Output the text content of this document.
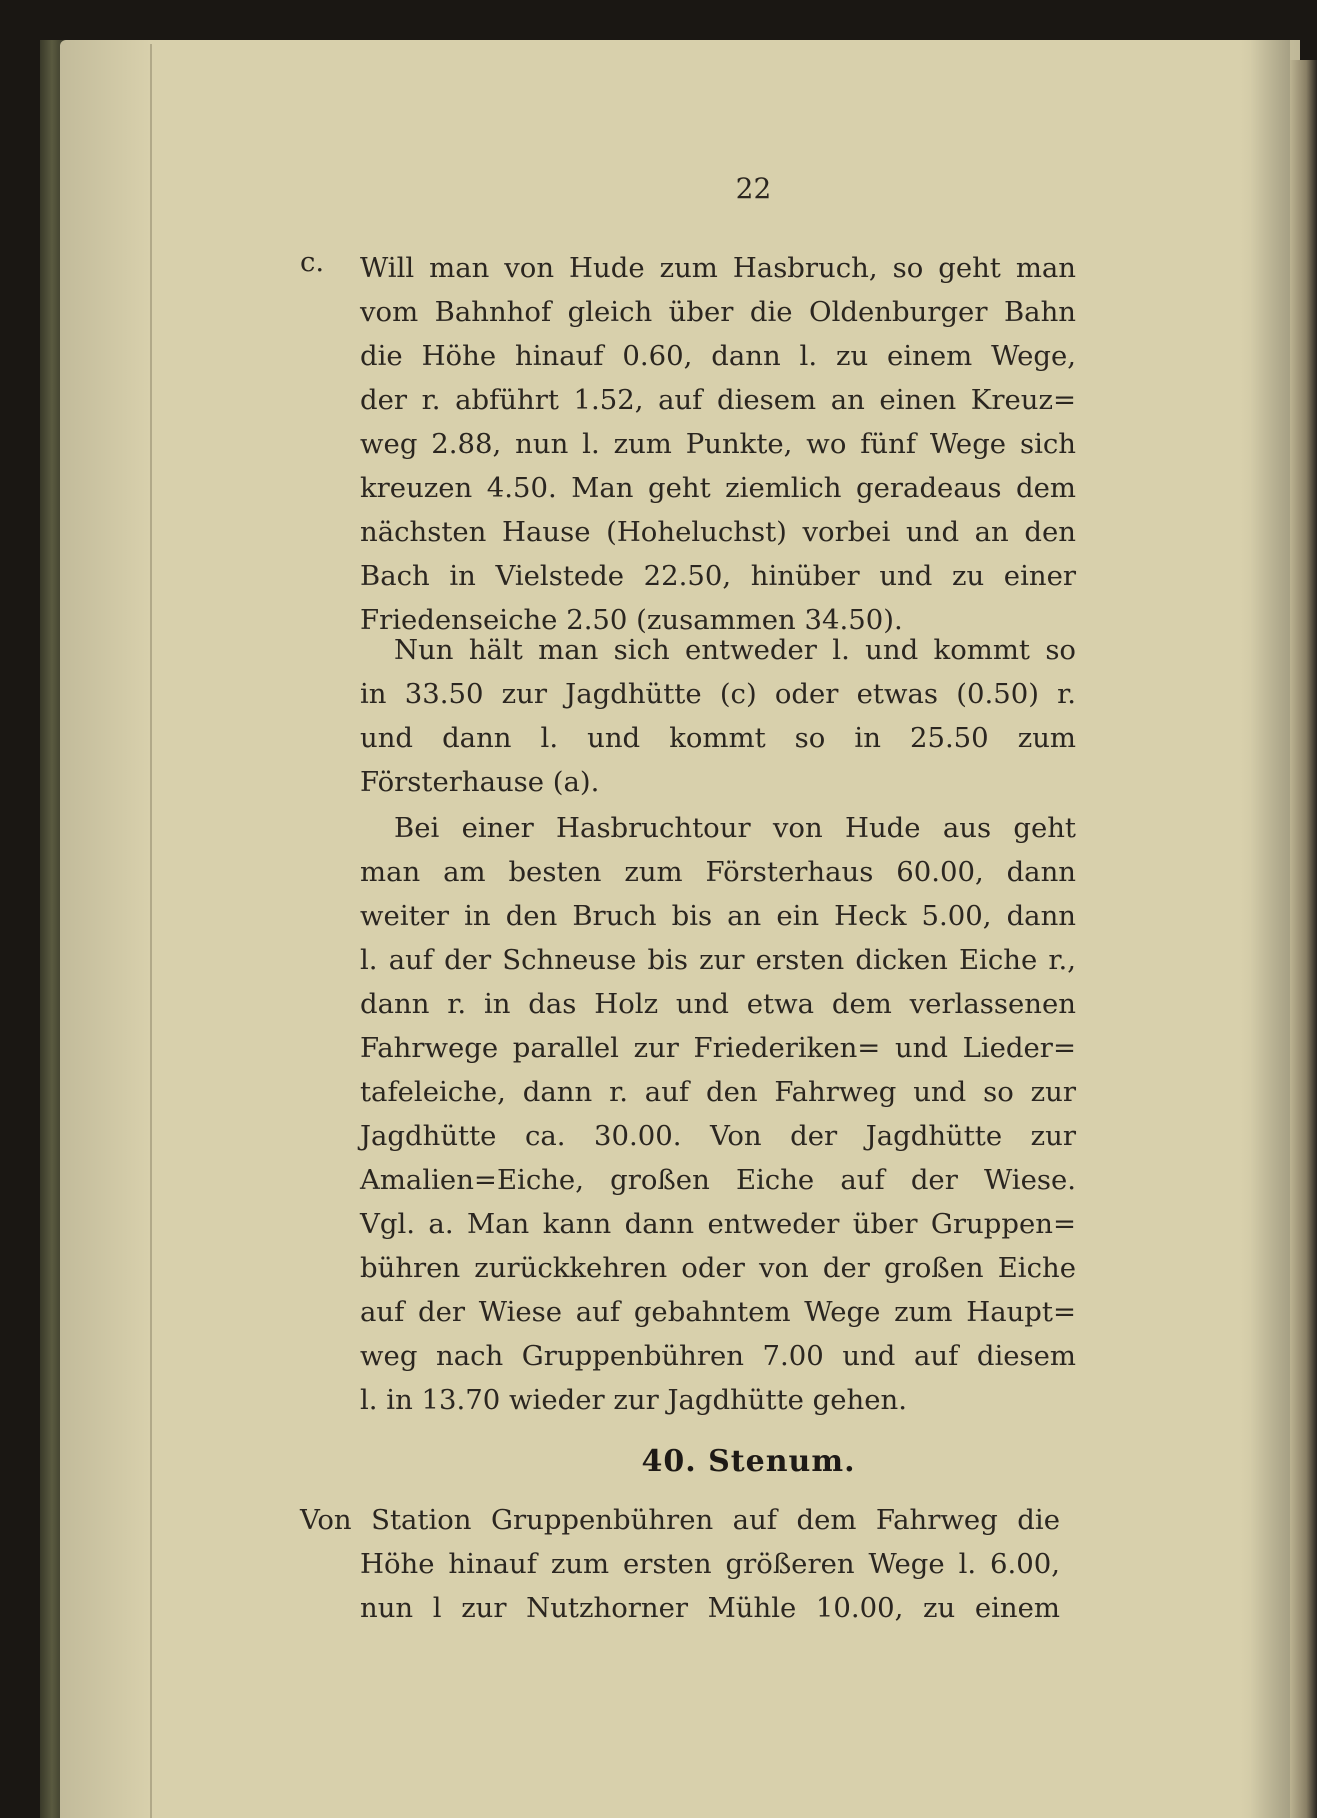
22
c. Will man von Hude zum Hasbruch, so geht man
vom Bahnhof gleich über die Oldenburger Bahn
die Höhe hinauf 0.60, dann l. zu einem Wege,
der r. abführt 1.52, auf diesem an einen Kreuz=
weg 2.88, nun l. zum Punkte, wo fünf Wege sich
kreuzen 4.50. Man geht ziemlich geradeaus dem
nächsten Hause (Hoheluchst) vorbei und an den
Bach in Vielstede 22.50, hinüber und zu einer
Friedenseiche 2.50 (zusammen 34.50).
Nun hält man sich entweder l. und kommt so
in 33.50 zur Jagdhütte (c) oder etwas (0.50) r.
und dann l. und kommt so in 25.50 zum
Försterhause (a).
Bei einer Hasbruchtour von Hude aus geht
man am besten zum Försterhaus 60.00, dann
weiter in den Bruch bis an ein Heck 5.00, dann
l. auf der Schneuse bis zur ersten dicken Eiche r.,
dann r. in das Holz und etwa dem verlassenen
Fahrwege parallel zur Friederiken= und Lieder=
tafeleiche, dann r. auf den Fahrweg und so zur
Jagdhütte ca. 30.00. Von der Jagdhütte zur
Amalien=Eiche, großen Eiche auf der Wiese.
Vgl. a. Man kann dann entweder über Gruppen=
bühren zurückkehren oder von der großen Eiche
auf der Wiese auf gebahntem Wege zum Haupt=
weg nach Gruppenbühren 7.00 und auf diesem
l. in 13.70 wieder zur Jagdhütte gehen.
40. Stenum.
Von Station Gruppenbühren auf dem Fahrweg die
Höhe hinauf zum ersten größeren Wege l. 6.00,
nun l zur Nutzhorner Mühle 10.00, zu einem
